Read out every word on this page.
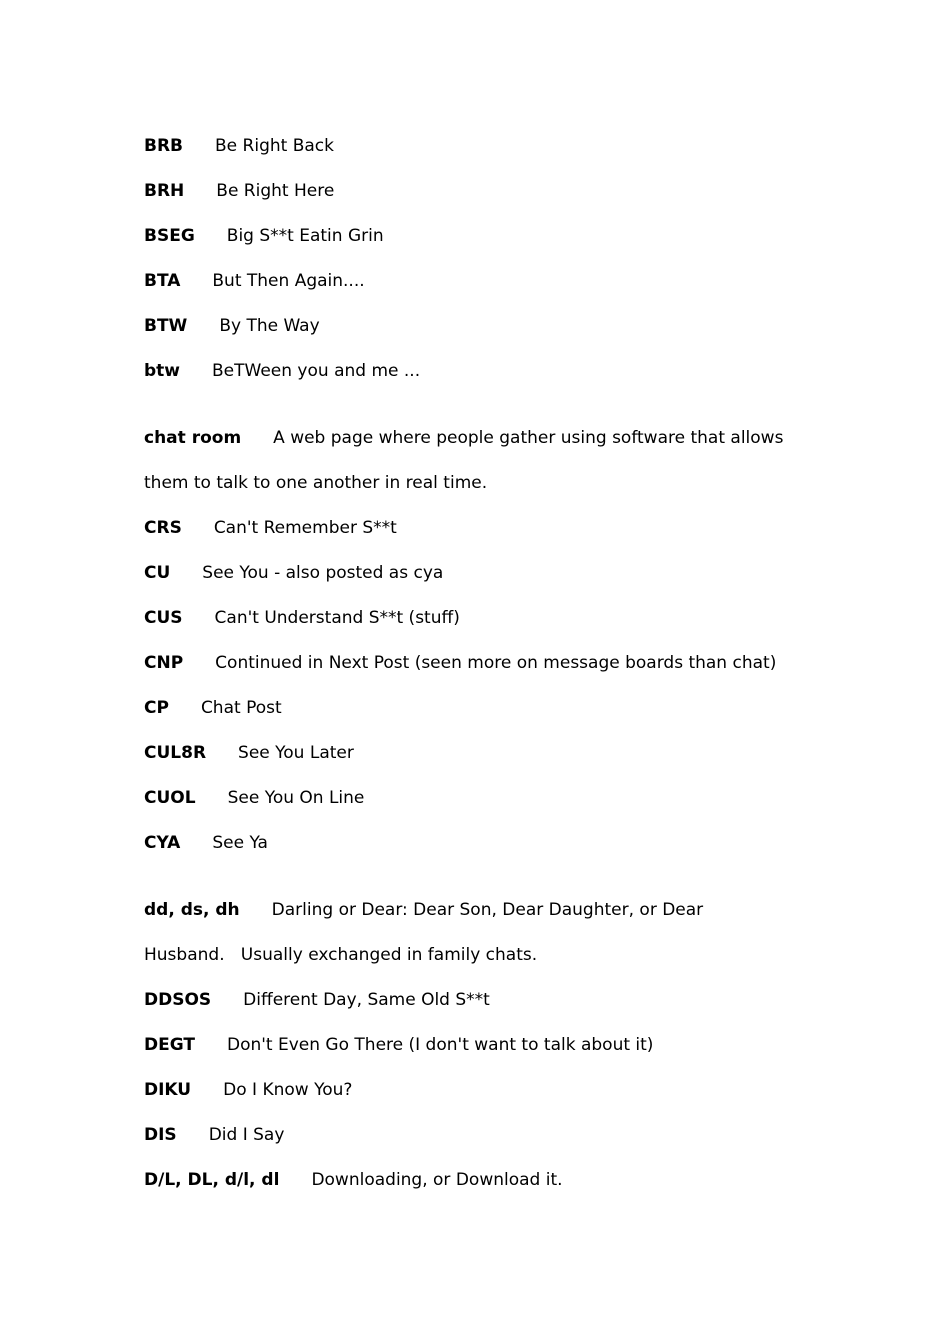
BRB Be Right Back
BRH Be Right Here
BSEG Big S**t Eatin Grin
BTA But Then Again....
BTW By The Way
btw BeTWeen you and me ...
chat room A web page where people gather using software that allows
them to talk to one another in real time.
CRS Can't Remember S**t
CU See You - also posted as cya
CUS Can't Understand S**t (stuff)
CNP Continued in Next Post (seen more on message boards than chat)
CP Chat Post
CUL8R See You Later
CUOL See You On Line
CYA See Ya
dd, ds, dh Darling or Dear: Dear Son, Dear Daughter, or Dear
Husband.   Usually exchanged in family chats.
DDSOS Different Day, Same Old S**t
DEGT Don't Even Go There (I don't want to talk about it)
DIKU Do I Know You?
DIS Did I Say
D/L, DL, d/l, dl Downloading, or Download it.
